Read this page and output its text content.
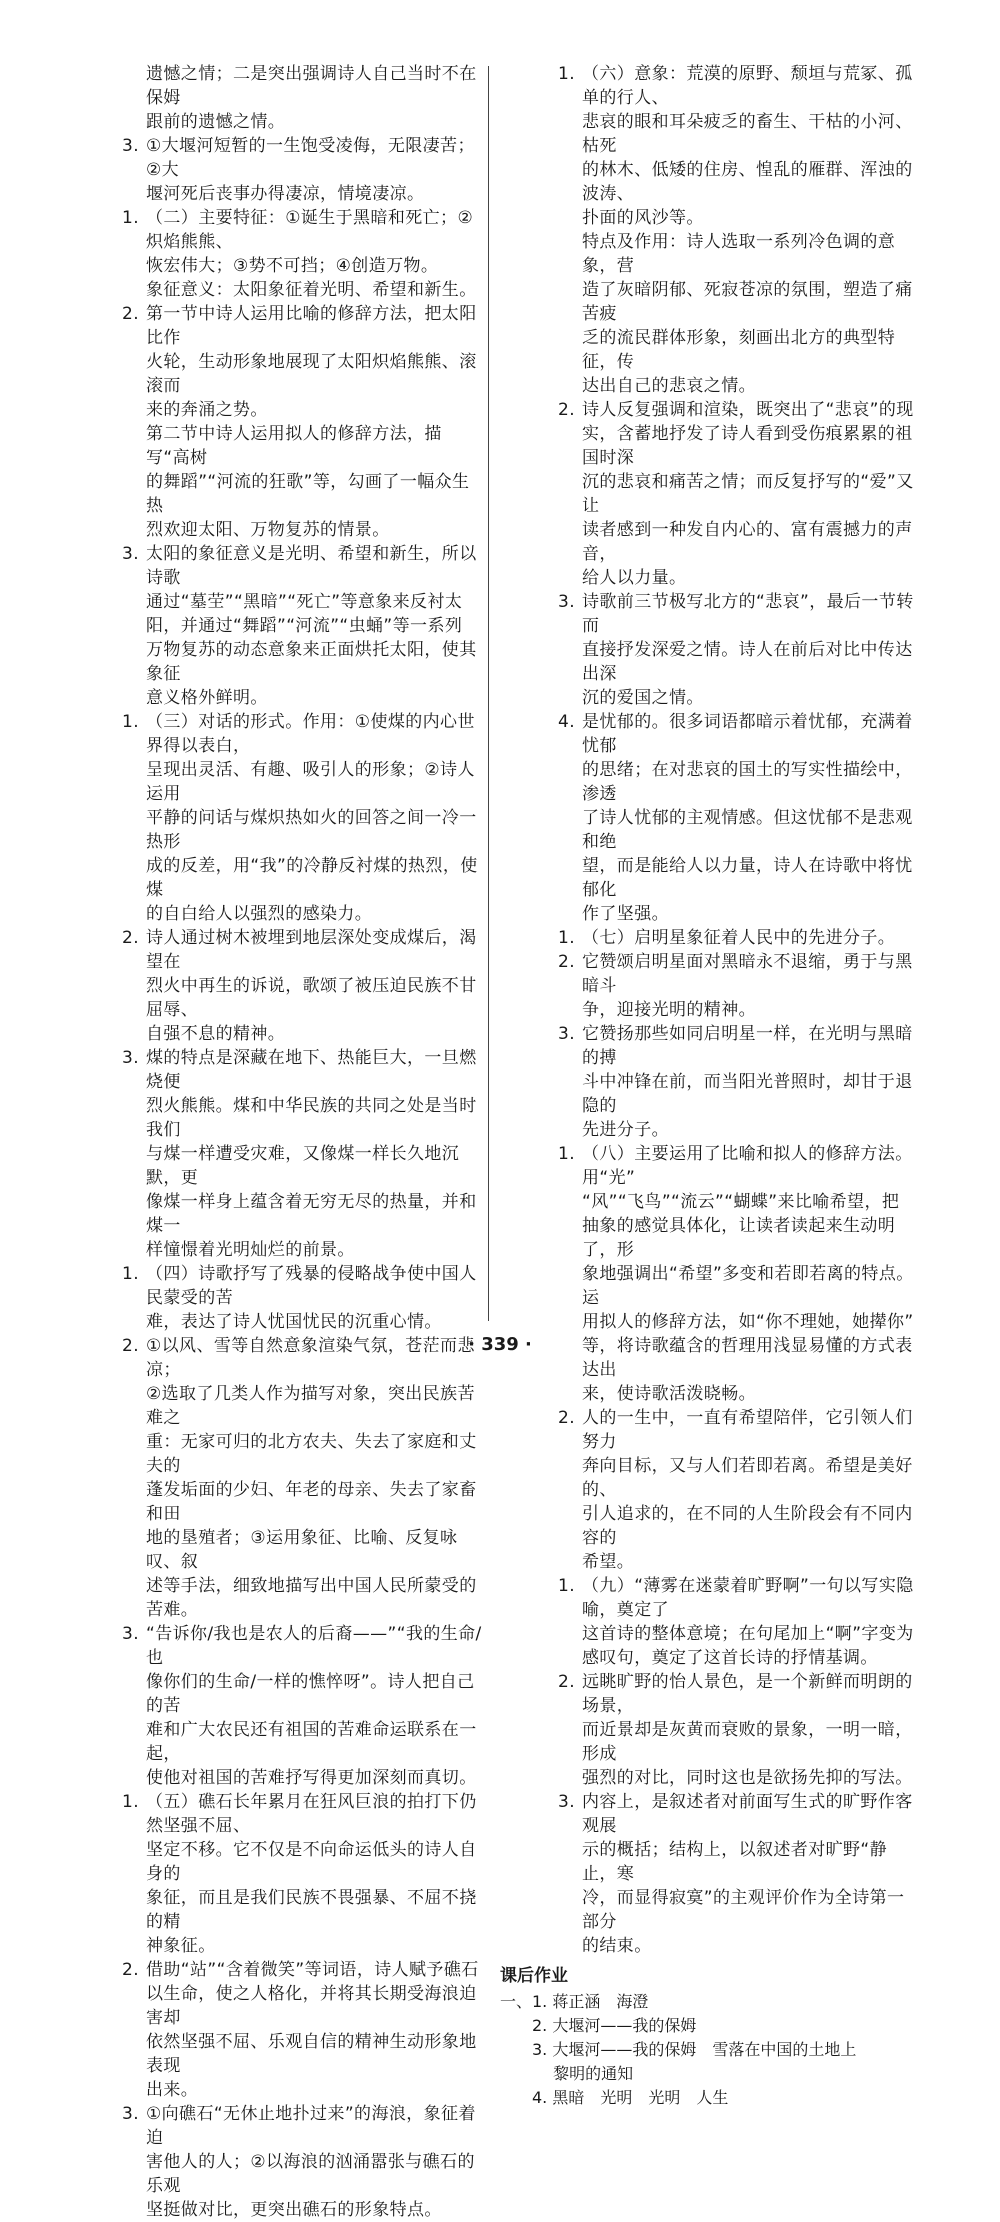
遗憾之情；二是突出强调诗人自己当时不在保姆
跟前的遗憾之情。
3. ①大堰河短暂的一生饱受凌侮，无限凄苦；②大
堰河死后丧事办得凄凉，情境凄凉。
（二）
1.	主要特征：①诞生于黑暗和死亡；②炽焰熊熊、
恢宏伟大；③势不可挡；④创造万物。
象征意义：太阳象征着光明、希望和新生。
2. 第一节中诗人运用比喻的修辞方法，把太阳比作
火轮，生动形象地展现了太阳炽焰熊熊、滚滚而
来的奔涌之势。
第二节中诗人运用拟人的修辞方法，描写“高树
的舞蹈”“河流的狂歌”等，勾画了一幅众生热
烈欢迎太阳、万物复苏的情景。
3. 太阳的象征意义是光明、希望和新生，所以诗歌
通过“墓茔”“黑暗”“死亡”等意象来反衬太
阳，并通过“舞蹈”“河流”“虫蛹”等一系列
万物复苏的动态意象来正面烘托太阳，使其象征
意义格外鲜明。
（三）
1.	对话的形式。作用：①使煤的内心世界得以表白，
呈现出灵活、有趣、吸引人的形象；②诗人运用
平静的问话与煤炽热如火的回答之间一冷一热形
成的反差，用“我”的冷静反衬煤的热烈，使煤
的自白给人以强烈的感染力。
2. 诗人通过树木被埋到地层深处变成煤后，渴望在
烈火中再生的诉说，歌颂了被压迫民族不甘屈辱、
自强不息的精神。
3. 煤的特点是深藏在地下、热能巨大，一旦燃烧便
烈火熊熊。煤和中华民族的共同之处是当时我们
与煤一样遭受灾难，又像煤一样长久地沉默，更
像煤一样身上蕴含着无穷无尽的热量，并和煤一
样憧憬着光明灿烂的前景。
（四）
1.	诗歌抒写了残暴的侵略战争使中国人民蒙受的苦
难，表达了诗人忧国忧民的沉重心情。
2. ①以风、雪等自然意象渲染气氛，苍茫而悲凉；
②选取了几类人作为描写对象，突出民族苦难之
重：无家可归的北方农夫、失去了家庭和丈夫的
蓬发垢面的少妇、年老的母亲、失去了家畜和田
地的垦殖者；③运用象征、比喻、反复咏叹、叙
述等手法，细致地描写出中国人民所蒙受的苦难。
3. “告诉你/我也是农人的后裔——”“我的生命/也
像你们的生命/一样的憔悴呀”。诗人把自己的苦
难和广大农民还有祖国的苦难命运联系在一起，
使他对祖国的苦难抒写得更加深刻而真切。
（五）
1.	礁石长年累月在狂风巨浪的拍打下仍然坚强不屈、
坚定不移。它不仅是不向命运低头的诗人自身的
象征，而且是我们民族不畏强暴、不屈不挠的精
神象征。
2. 借助“站”“含着微笑”等词语，诗人赋予礁石
以生命，使之人格化，并将其长期受海浪迫害却
依然坚强不屈、乐观自信的精神生动形象地表现
出来。
3. ①向礁石“无休止地扑过来”的海浪，象征着迫
害他人的人；②以海浪的汹涌嚣张与礁石的乐观
坚挺做对比，更突出礁石的形象特点。
（六）
1.	意象：荒漠的原野、颓垣与荒冢、孤单的行人、
悲哀的眼和耳朵疲乏的畜生、干枯的小河、枯死
的林木、低矮的住房、惶乱的雁群、浑浊的波涛、
扑面的风沙等。
特点及作用：诗人选取一系列冷色调的意象，营
造了灰暗阴郁、死寂苍凉的氛围，塑造了痛苦疲
乏的流民群体形象，刻画出北方的典型特征，传
达出自己的悲哀之情。
2. 诗人反复强调和渲染，既突出了“悲哀”的现
实，含蓄地抒发了诗人看到受伤痕累累的祖国时深
沉的悲哀和痛苦之情；而反复抒写的“爱”又让
读者感到一种发自内心的、富有震撼力的声音，
给人以力量。
3. 诗歌前三节极写北方的“悲哀”，最后一节转而
直接抒发深爱之情。诗人在前后对比中传达出深
沉的爱国之情。
4. 是忧郁的。很多词语都暗示着忧郁，充满着忧郁
的思绪；在对悲哀的国土的写实性描绘中，渗透
了诗人忧郁的主观情感。但这忧郁不是悲观和绝
望，而是能给人以力量，诗人在诗歌中将忧郁化
作了坚强。
（七）
1.	启明星象征着人民中的先进分子。
2. 它赞颂启明星面对黑暗永不退缩，勇于与黑暗斗
争，迎接光明的精神。
3. 它赞扬那些如同启明星一样，在光明与黑暗的搏
斗中冲锋在前，而当阳光普照时，却甘于退隐的
先进分子。
（八）
1.	主要运用了比喻和拟人的修辞方法。用“光”
“风”“飞鸟”“流云”“蝴蝶”来比喻希望，把
抽象的感觉具体化，让读者读起来生动明了，形
象地强调出“希望”多变和若即若离的特点。运
用拟人的修辞方法，如“你不理她，她撵你”
等，将诗歌蕴含的哲理用浅显易懂的方式表达出
来，使诗歌活泼晓畅。
2. 人的一生中，一直有希望陪伴，它引领人们努力
奔向目标，又与人们若即若离。希望是美好的、
引人追求的，在不同的人生阶段会有不同内容的
希望。
（九）
1.	“薄雾在迷蒙着旷野啊”一句以写实隐喻，奠定了
这首诗的整体意境；在句尾加上“啊”字变为
感叹句，奠定了这首长诗的抒情基调。
2. 远眺旷野的怡人景色，是一个新鲜而明朗的场景，
而近景却是灰黄而衰败的景象，一明一暗，形成
强烈的对比，同时这也是欲扬先抑的写法。
3. 内容上，是叙述者对前面写生式的旷野作客观展
示的概括；结构上，以叙述者对旷野“静止，寒
冷，而显得寂寞”的主观评价作为全诗第一部分
的结束。
课后作业
一、1. 蒋正涵　海澄
　　2. 大堰河——我的保姆
　　3. 大堰河——我的保姆　雪落在中国的土地上
　　　 黎明的通知
　　4. 黑暗　光明　光明　人生
· 339 ·
